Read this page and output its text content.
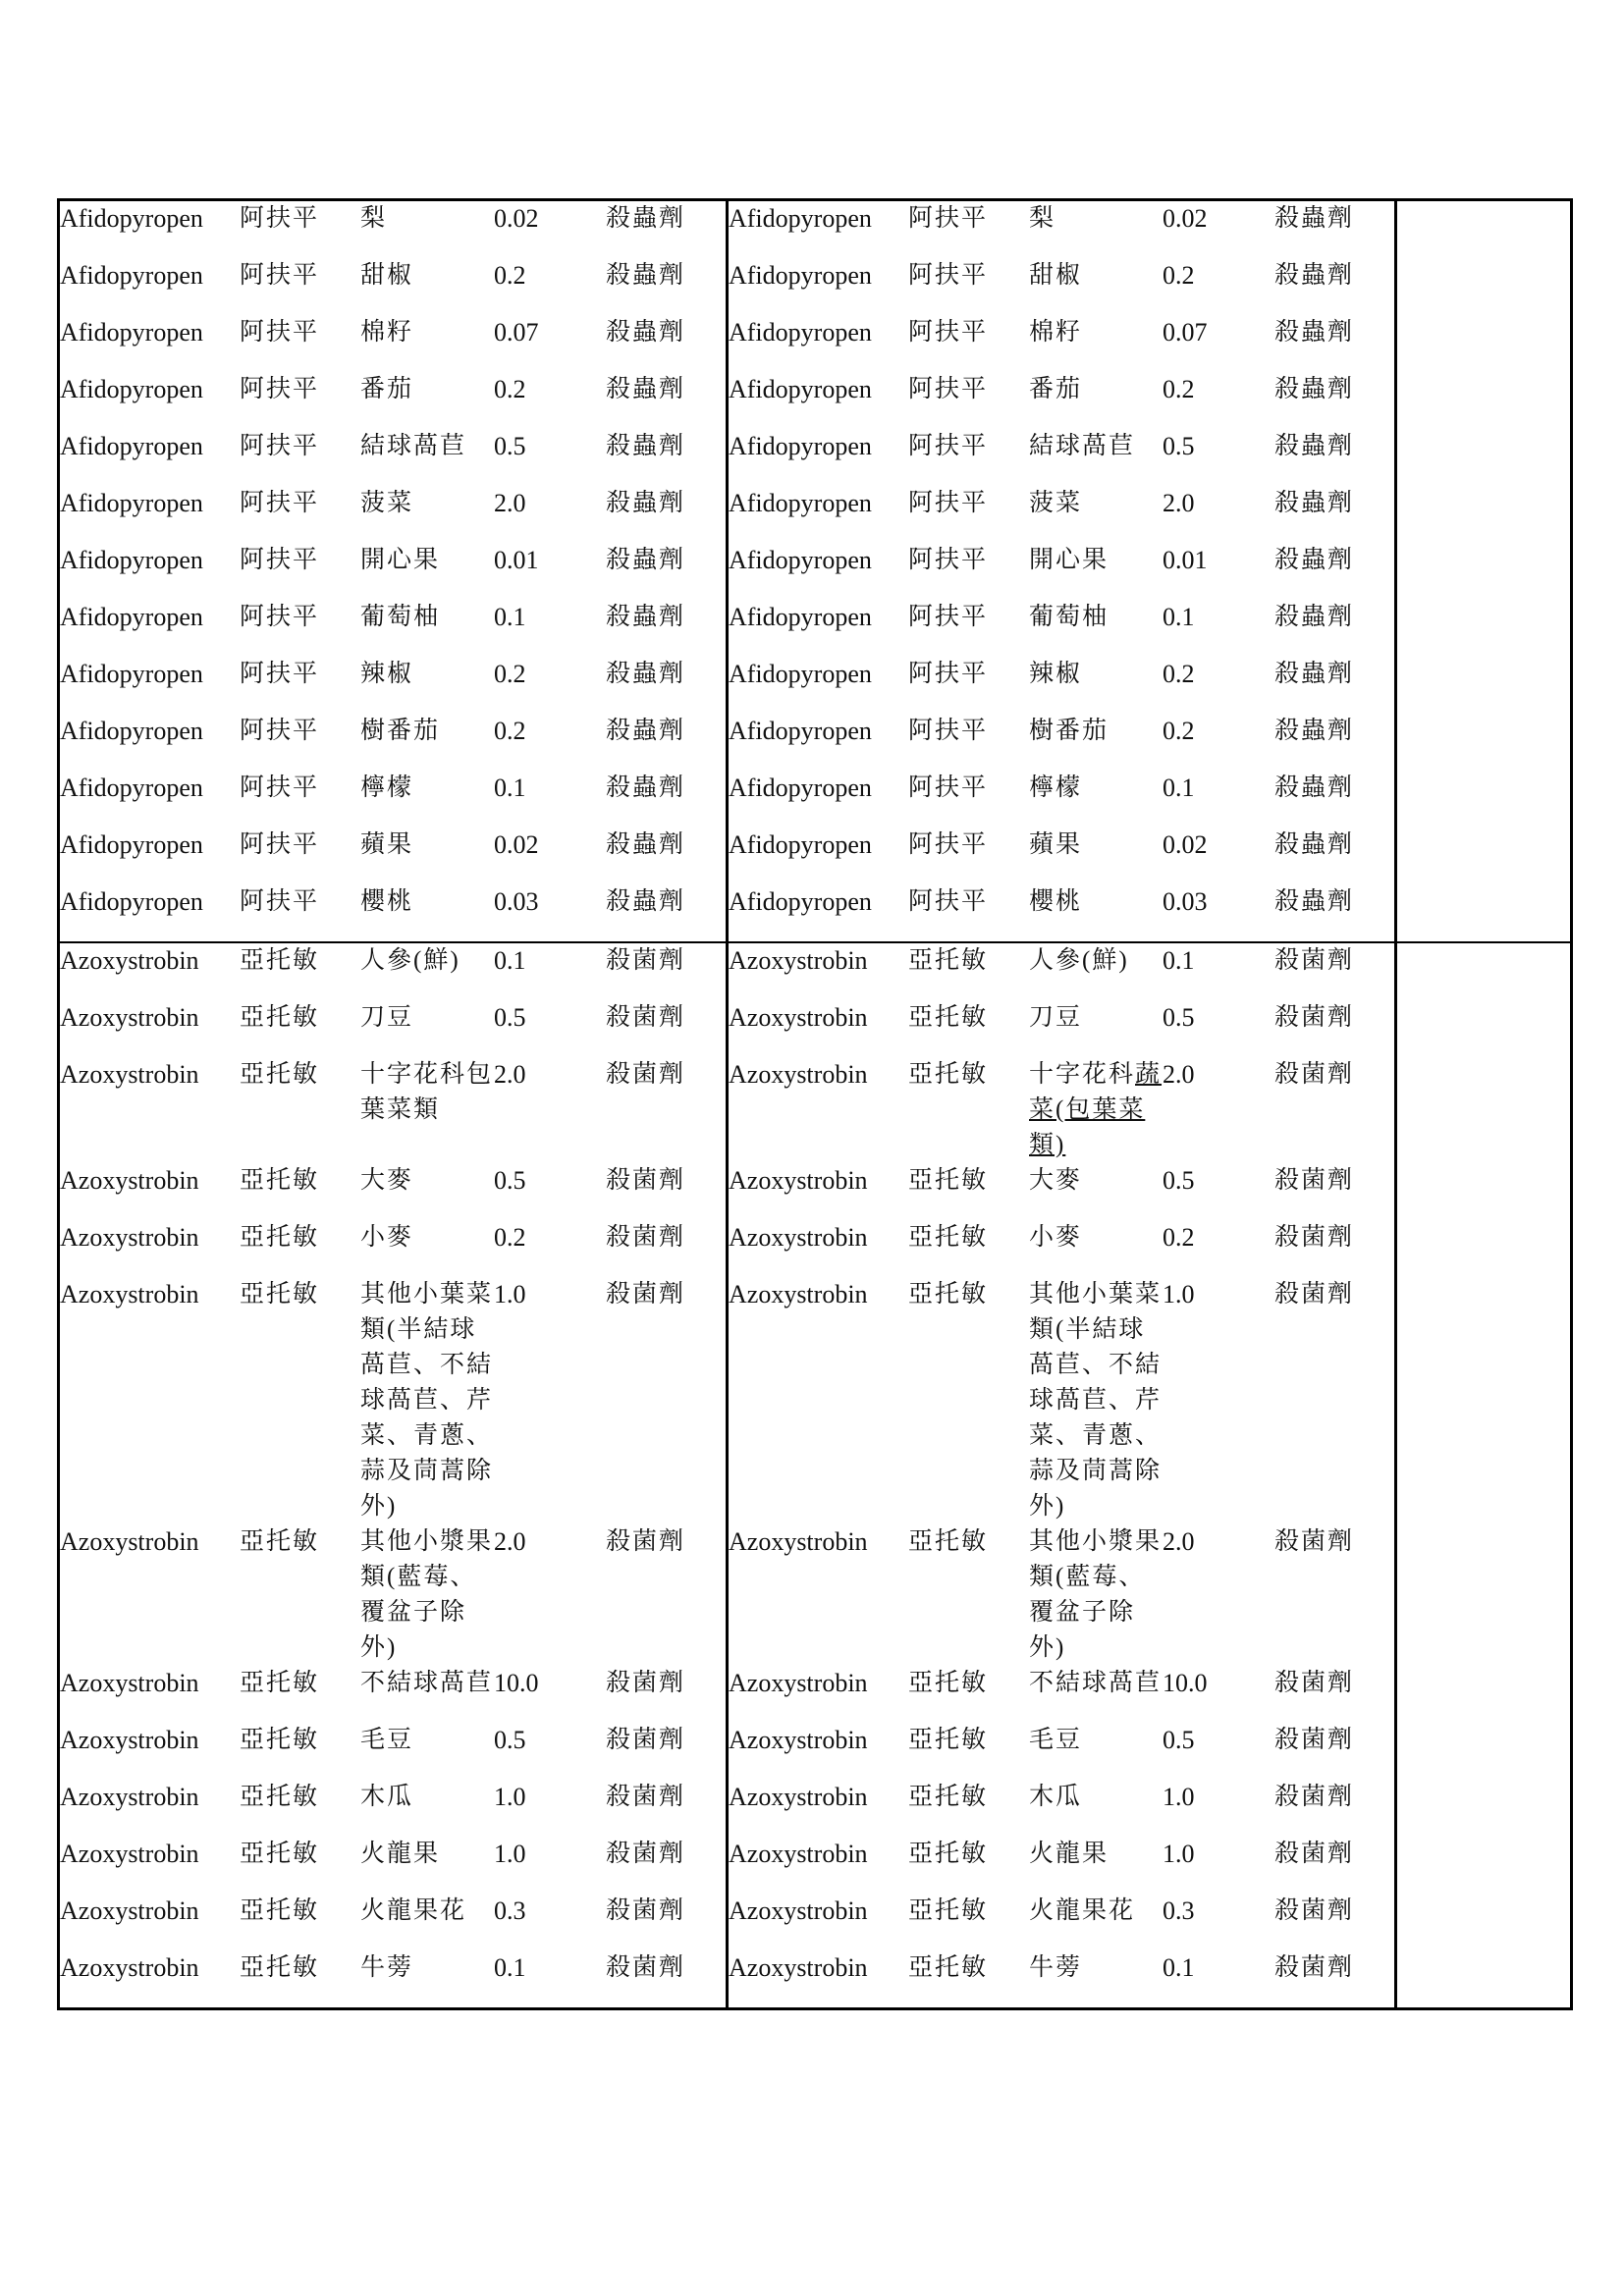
Afidopyropen	阿扶平	梨	0.02	殺蟲劑
	Afidopyropen	阿扶平	梨	0.02	殺蟲劑

Afidopyropen	阿扶平	甜椒	0.2	殺蟲劑
	Afidopyropen	阿扶平	甜椒	0.2	殺蟲劑

Afidopyropen	阿扶平	棉籽	0.07	殺蟲劑
	Afidopyropen	阿扶平	棉籽	0.07	殺蟲劑

Afidopyropen	阿扶平	番茄	0.2	殺蟲劑
	Afidopyropen	阿扶平	番茄	0.2	殺蟲劑

Afidopyropen	阿扶平	結球萵苣	0.5	殺蟲劑
	Afidopyropen	阿扶平	結球萵苣	0.5	殺蟲劑

Afidopyropen	阿扶平	菠菜	2.0	殺蟲劑
	Afidopyropen	阿扶平	菠菜	2.0	殺蟲劑

Afidopyropen	阿扶平	開心果	0.01	殺蟲劑
	Afidopyropen	阿扶平	開心果	0.01	殺蟲劑

Afidopyropen	阿扶平	葡萄柚	0.1	殺蟲劑
	Afidopyropen	阿扶平	葡萄柚	0.1	殺蟲劑

Afidopyropen	阿扶平	辣椒	0.2	殺蟲劑
	Afidopyropen	阿扶平	辣椒	0.2	殺蟲劑

Afidopyropen	阿扶平	樹番茄	0.2	殺蟲劑
	Afidopyropen	阿扶平	樹番茄	0.2	殺蟲劑

Afidopyropen	阿扶平	檸檬	0.1	殺蟲劑
	Afidopyropen	阿扶平	檸檬	0.1	殺蟲劑

Afidopyropen	阿扶平	蘋果	0.02	殺蟲劑
	Afidopyropen	阿扶平	蘋果	0.02	殺蟲劑

Afidopyropen	阿扶平	櫻桃	0.03	殺蟲劑
	Afidopyropen	阿扶平	櫻桃	0.03	殺蟲劑

Azoxystrobin	亞托敏	人參(鮮)	0.1	殺菌劑
	Azoxystrobin	亞托敏	人參(鮮)	0.1	殺菌劑

Azoxystrobin	亞托敏	刀豆	0.5	殺菌劑
	Azoxystrobin	亞托敏	刀豆	0.5	殺菌劑

Azoxystrobin	亞托敏	十字花科包葉菜類	2.0	殺菌劑
	Azoxystrobin	亞托敏	十字花科蔬菜(包葉菜類)	2.0	殺菌劑

Azoxystrobin	亞托敏	大麥	0.5	殺菌劑
	Azoxystrobin	亞托敏	大麥	0.5	殺菌劑

Azoxystrobin	亞托敏	小麥	0.2	殺菌劑
	Azoxystrobin	亞托敏	小麥	0.2	殺菌劑

Azoxystrobin	亞托敏	其他小葉菜類(半結球萵苣、不結球萵苣、芹菜、青蔥、蒜及茼蒿除外)	1.0	殺菌劑
	Azoxystrobin	亞托敏	其他小葉菜類(半結球萵苣、不結球萵苣、芹菜、青蔥、蒜及茼蒿除外)	1.0	殺菌劑

Azoxystrobin	亞托敏	其他小漿果類(藍莓、覆盆子除外)	2.0	殺菌劑
	Azoxystrobin	亞托敏	其他小漿果類(藍莓、覆盆子除外)	2.0	殺菌劑

Azoxystrobin	亞托敏	不結球萵苣	10.0	殺菌劑
	Azoxystrobin	亞托敏	不結球萵苣	10.0	殺菌劑

Azoxystrobin	亞托敏	毛豆	0.5	殺菌劑
	Azoxystrobin	亞托敏	毛豆	0.5	殺菌劑

Azoxystrobin	亞托敏	木瓜	1.0	殺菌劑
	Azoxystrobin	亞托敏	木瓜	1.0	殺菌劑

Azoxystrobin	亞托敏	火龍果	1.0	殺菌劑
	Azoxystrobin	亞托敏	火龍果	1.0	殺菌劑

Azoxystrobin	亞托敏	火龍果花	0.3	殺菌劑
	Azoxystrobin	亞托敏	火龍果花	0.3	殺菌劑

Azoxystrobin	亞托敏	牛蒡	0.1	殺菌劑
	Azoxystrobin	亞托敏	牛蒡	0.1	殺菌劑
